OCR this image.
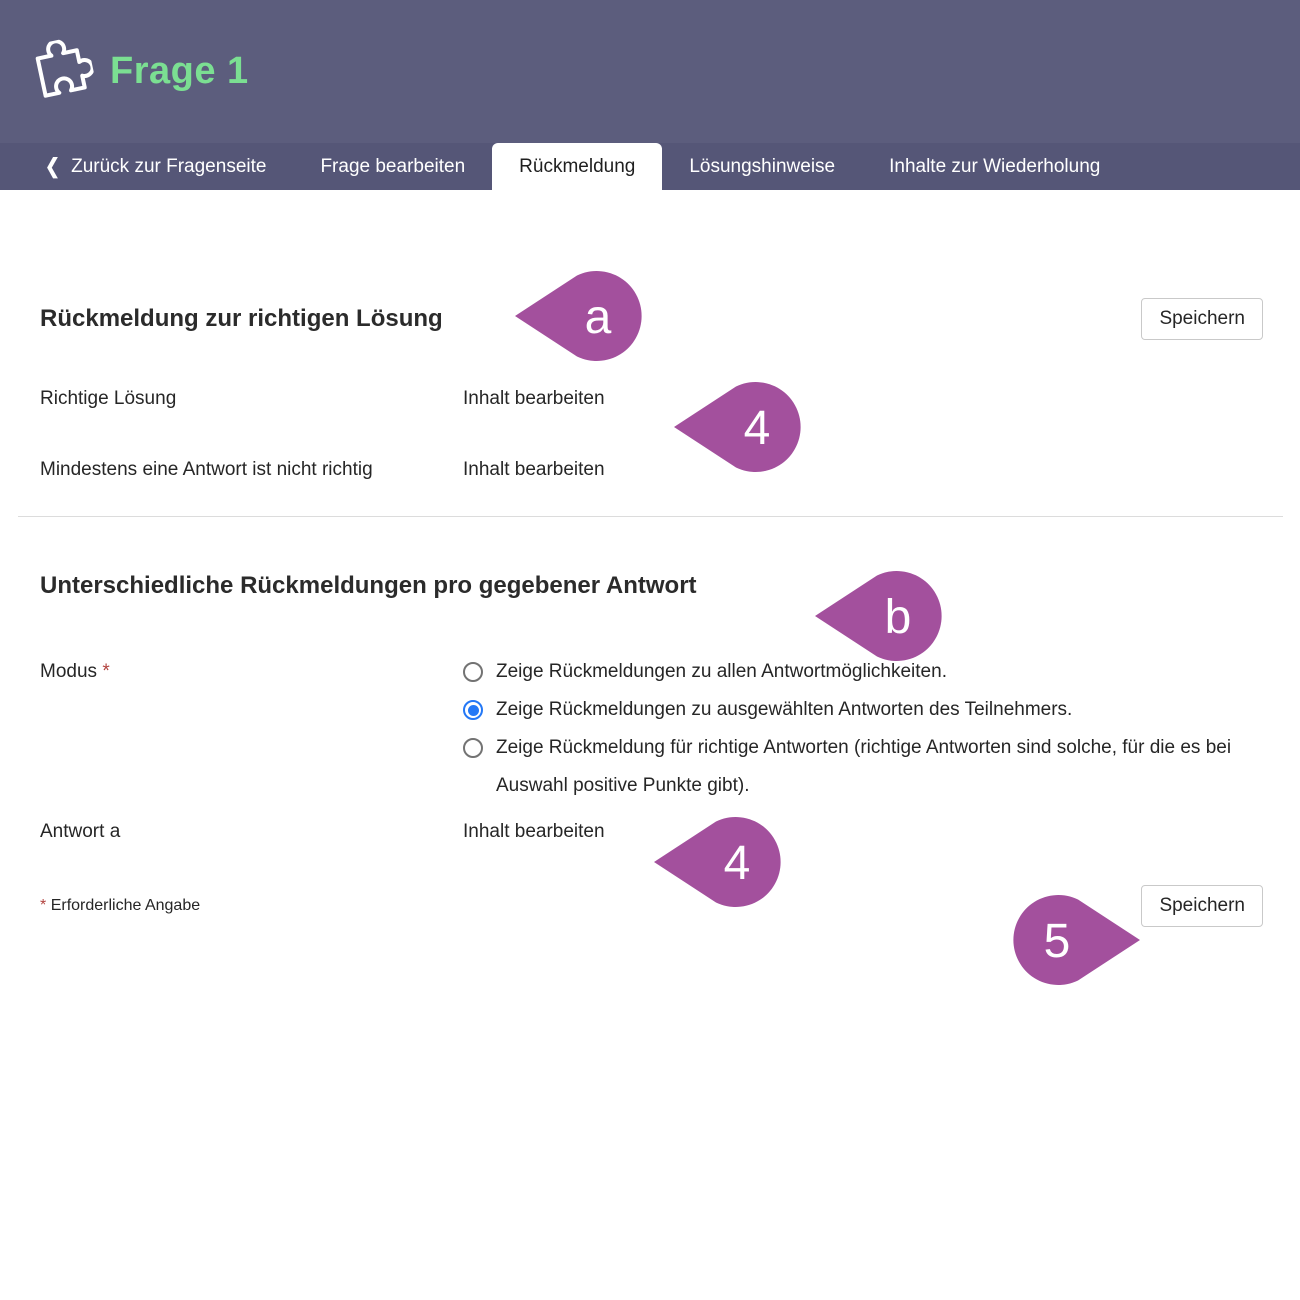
Frage 1
❮ Zurück zur Fragenseite	Frage bearbeiten	Rückmeldung	Lösungshinweise	Inhalte zur Wiederholung
Rückmeldung zur richtigen Lösung	Speichern
Richtige Lösung	Inhalt bearbeiten
Mindestens eine Antwort ist nicht richtig	Inhalt bearbeiten
Unterschiedliche Rückmeldungen pro gegebener Antwort
Modus *	Zeige Rückmeldungen zu allen Antwortmöglichkeiten.
Zeige Rückmeldungen zu ausgewählten Antworten des Teilnehmers.
Zeige Rückmeldung für richtige Antworten (richtige Antworten sind solche, für die es bei Auswahl positive Punkte gibt).
Antwort a	Inhalt bearbeiten
* Erforderliche Angabe	Speichern
a
4
b
4
5
